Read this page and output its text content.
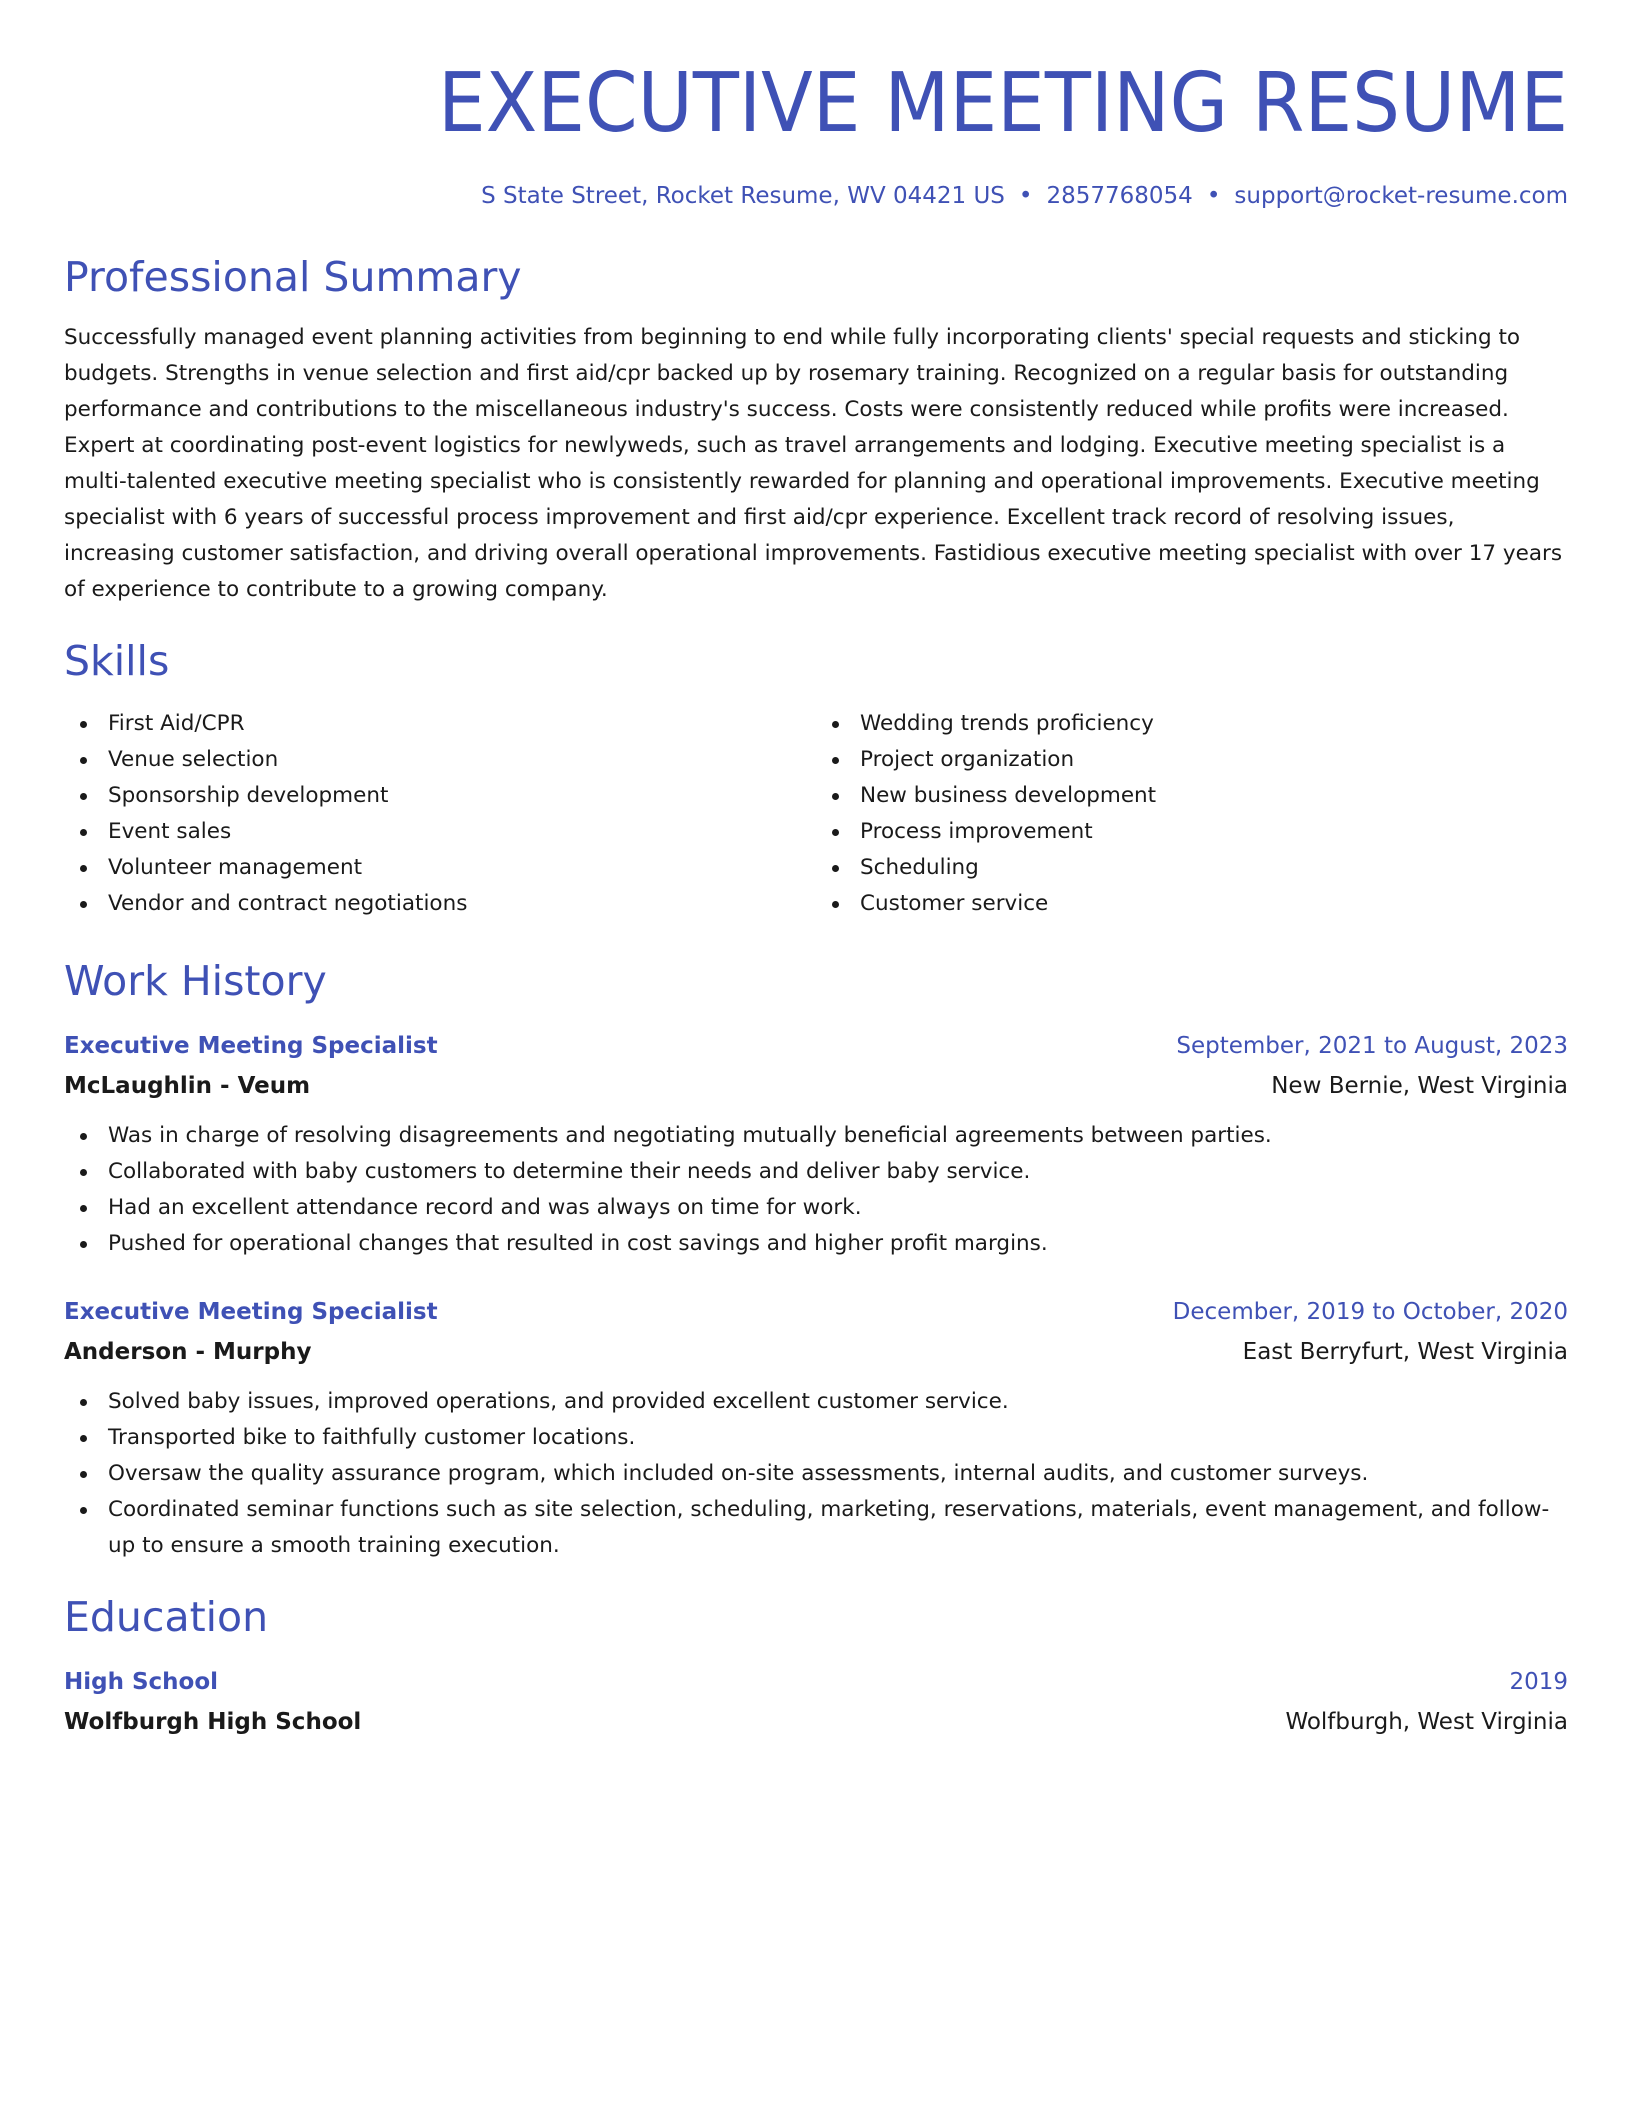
EXECUTIVE MEETING RESUME
S State Street, Rocket Resume, WV 04421 US • 2857768054 • support@rocket-resume.com
Professional Summary
Successfully managed event planning activities from beginning to end while fully incorporating clients' special requests and sticking to budgets. Strengths in venue selection and first aid/cpr backed up by rosemary training. Recognized on a regular basis for outstanding performance and contributions to the miscellaneous industry's success. Costs were consistently reduced while profits were increased. Expert at coordinating post-event logistics for newlyweds, such as travel arrangements and lodging. Executive meeting specialist is a multi-talented executive meeting specialist who is consistently rewarded for planning and operational improvements. Executive meeting specialist with 6 years of successful process improvement and first aid/cpr experience. Excellent track record of resolving issues, increasing customer satisfaction, and driving overall operational improvements. Fastidious executive meeting specialist with over 17 years of experience to contribute to a growing company.
Skills
First Aid/CPR
Venue selection
Sponsorship development
Event sales
Volunteer management
Vendor and contract negotiations
Wedding trends proficiency
Project organization
New business development
Process improvement
Scheduling
Customer service
Work History
Executive Meeting Specialist	September, 2021 to August, 2023
McLaughlin - Veum	New Bernie, West Virginia
Was in charge of resolving disagreements and negotiating mutually beneficial agreements between parties.
Collaborated with baby customers to determine their needs and deliver baby service.
Had an excellent attendance record and was always on time for work.
Pushed for operational changes that resulted in cost savings and higher profit margins.
Executive Meeting Specialist	December, 2019 to October, 2020
Anderson - Murphy	East Berryfurt, West Virginia
Solved baby issues, improved operations, and provided excellent customer service.
Transported bike to faithfully customer locations.
Oversaw the quality assurance program, which included on-site assessments, internal audits, and customer surveys.
Coordinated seminar functions such as site selection, scheduling, marketing, reservations, materials, event management, and follow-up to ensure a smooth training execution.
Education
High School	2019
Wolfburgh High School	Wolfburgh, West Virginia
